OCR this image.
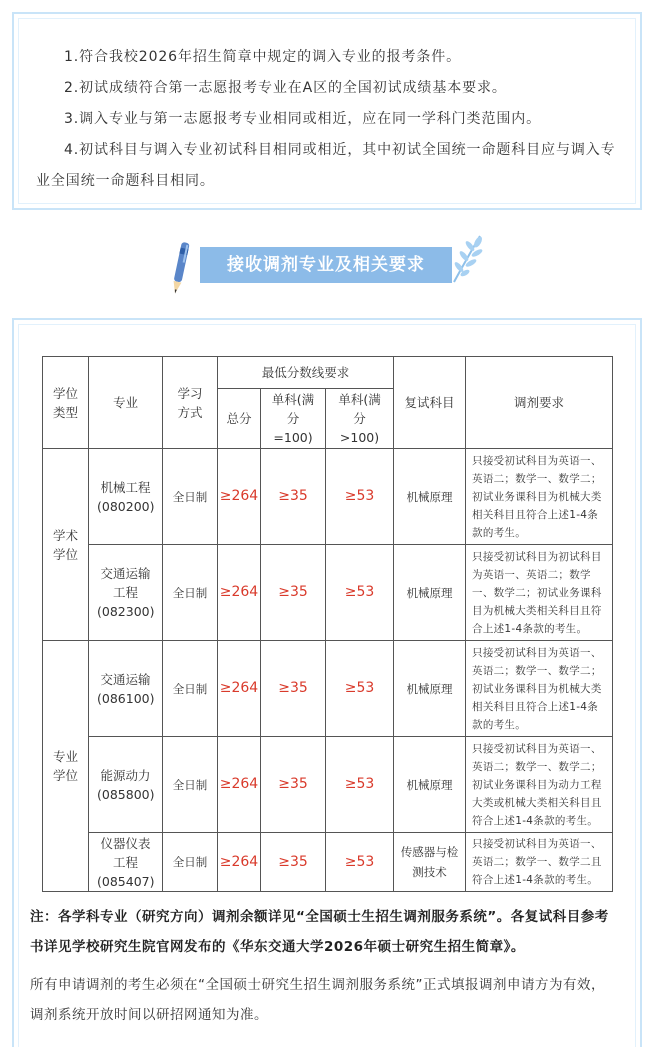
1.符合我校2026年招生简章中规定的调入专业的报考条件。

2.初试成绩符合第一志愿报考专业在A区的全国初试成绩基本要求。

3.调入专业与第一志愿报考专业相同或相近，应在同一学科门类范围内。

4.初试科目与调入专业初试科目相同或相近，其中初试全国统一命题科目应与调入专业全国统一命题科目相同。

接收调剂专业及相关要求
学位类型	专业	学习方式	最低分数线要求			复试科目	调剂要求
			总分	单科(满分=100)	单科(满分>100)		
学术学位	机械工程(080200)	全日制	≥264	≥35	≥53	机械原理	只接受初试科目为英语一、英语二；数学一、数学二；初试业务课科目为机械大类相关科目且符合上述1-4条款的考生。
	交通运输工程(082300)	全日制	≥264	≥35	≥53	机械原理	只接受初试科目为初试科目为英语一、英语二；数学一、数学二；初试业务课科目为机械大类相关科目且符合上述1-4条款的考生。
专业学位	交通运输(086100)	全日制	≥264	≥35	≥53	机械原理	只接受初试科目为英语一、英语二；数学一、数学二；初试业务课科目为机械大类相关科目且符合上述1-4条款的考生。
	能源动力(085800)	全日制	≥264	≥35	≥53	机械原理	只接受初试科目为英语一、英语二；数学一、数学二；初试业务课科目为动力工程大类或机械大类相关科目且符合上述1-4条款的考生。
	仪器仪表工程(085407)	全日制	≥264	≥35	≥53	传感器与检测技术	只接受初试科目为英语一、英语二；数学一、数学二且符合上述1-4条款的考生。

注：各学科专业（研究方向）调剂余额详见“全国硕士生招生调剂服务系统”。各复试科目参考书详见学校研究生院官网发布的《华东交通大学2026年硕士研究生招生简章》。

所有申请调剂的考生必须在“全国硕士研究生招生调剂服务系统”正式填报调剂申请方为有效，调剂系统开放时间以研招网通知为准。
